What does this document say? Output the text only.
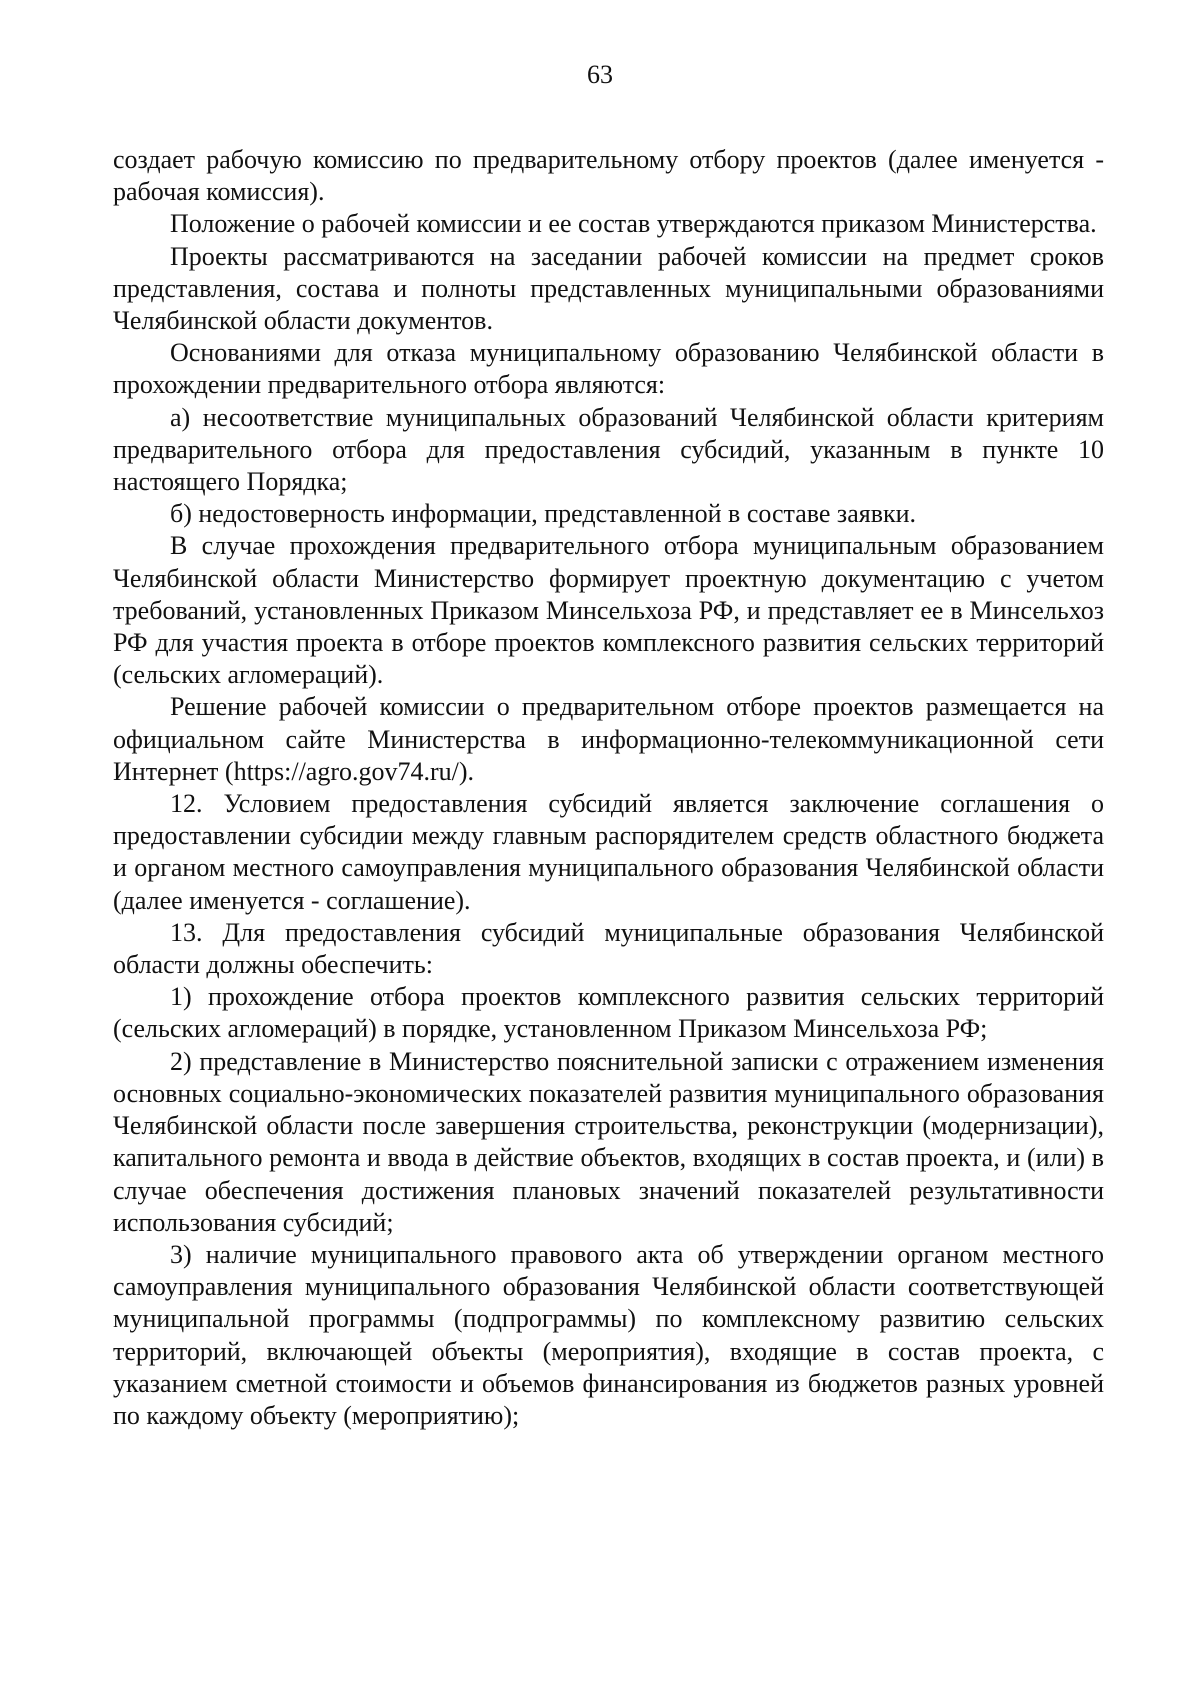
63

создает рабочую комиссию по предварительному отбору проектов (далее именуется - рабочая комиссия).

Положение о рабочей комиссии и ее состав утверждаются приказом Министерства.

Проекты рассматриваются на заседании рабочей комиссии на предмет сроков представления, состава и полноты представленных муниципальными образованиями Челябинской области документов.

Основаниями для отказа муниципальному образованию Челябинской области в прохождении предварительного отбора являются:

а) несоответствие муниципальных образований Челябинской области критериям предварительного отбора для предоставления субсидий, указанным в пункте 10 настоящего Порядка;

б) недостоверность информации, представленной в составе заявки.

В случае прохождения предварительного отбора муниципальным образованием Челябинской области Министерство формирует проектную документацию с учетом требований, установленных Приказом Минсельхоза РФ, и представляет ее в Минсельхоз РФ для участия проекта в отборе проектов комплексного развития сельских территорий (сельских агломераций).

Решение рабочей комиссии о предварительном отборе проектов размещается на официальном сайте Министерства в информационно-телекоммуникационной сети Интернет (https://agro.gov74.ru/).

12. Условием предоставления субсидий является заключение соглашения о предоставлении субсидии между главным распорядителем средств областного бюджета и органом местного самоуправления муниципального образования Челябинской области (далее именуется - соглашение).

13. Для предоставления субсидий муниципальные образования Челябинской области должны обеспечить:

1) прохождение отбора проектов комплексного развития сельских территорий (сельских агломераций) в порядке, установленном Приказом Минсельхоза РФ;

2) представление в Министерство пояснительной записки с отражением изменения основных социально-экономических показателей развития муниципального образования Челябинской области после завершения строительства, реконструкции (модернизации), капитального ремонта и ввода в действие объектов, входящих в состав проекта, и (или) в случае обеспечения достижения плановых значений показателей результативности использования субсидий;

3) наличие муниципального правового акта об утверждении органом местного самоуправления муниципального образования Челябинской области соответствующей муниципальной программы (подпрограммы) по комплексному развитию сельских территорий, включающей объекты (мероприятия), входящие в состав проекта, с указанием сметной стоимости и объемов финансирования из бюджетов разных уровней по каждому объекту (мероприятию);
